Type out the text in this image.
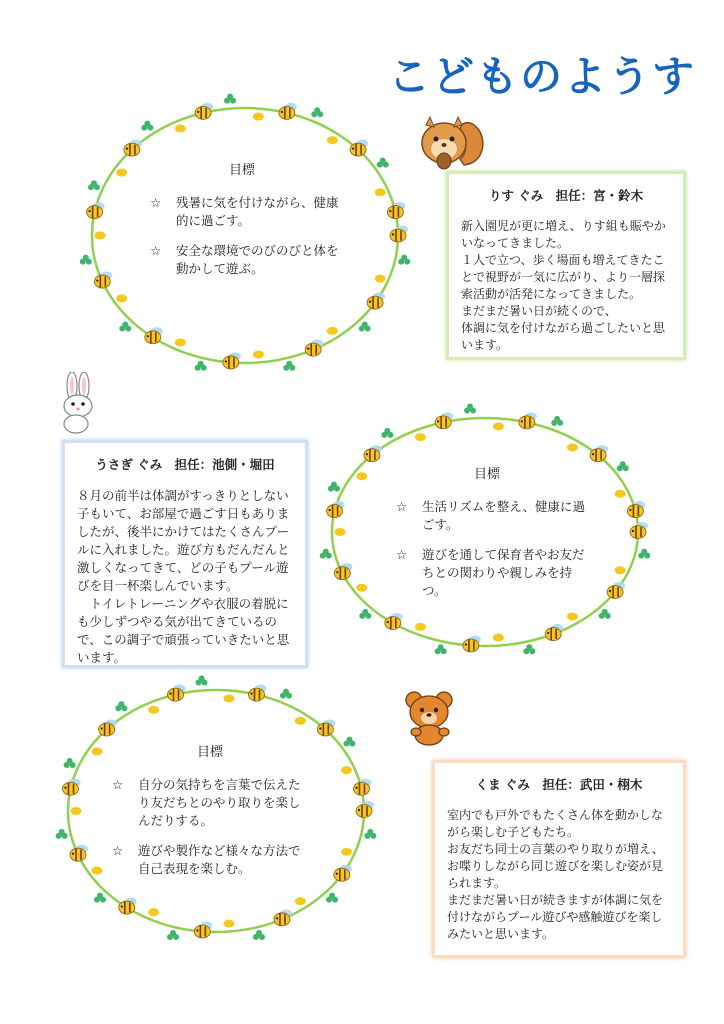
こどものようす
目標
☆	残暑に気を付けながら、健康的に過ごす。
☆	安全な環境でのびのびと体を動かして遊ぶ。
目標
☆	生活リズムを整え、健康に過ごす。
☆	遊びを通して保育者やお友だちとの関わりや親しみを持つ。
目標
☆	自分の気持ちを言葉で伝えたり友だちとのやり取りを楽しんだりする。
☆	遊びや製作など様々な方法で自己表現を楽しむ。
りす ぐみ　担任：宮・鈴木

新入園児が更に増え、りす組も賑やかいなってきました。

１人で立つ、歩く場面も増えてきたことで視野が一気に広がり、より一層探索活動が活発になってきました。

まだまだ暑い日が続くので、

体調に気を付けながら過ごしたいと思います。

うさぎ ぐみ　担任：池側・堀田

８月の前半は体調がすっきりとしない子もいて、お部屋で過ごす日もありましたが、後半にかけてはたくさんプールに入れました。遊び方もだんだんと激しくなってきて、どの子もプール遊びを目一杯楽しんでいます。

　トイレトレーニングや衣服の着脱にも少しずつやる気が出てきているので、この調子で頑張っていきたいと思います。

くま ぐみ　担任：武田・栩木

室内でも戸外でもたくさん体を動かしながら楽しむ子どもたち。

お友だち同士の言葉のやり取りが増え、お喋りしながら同じ遊びを楽しむ姿が見られます。

まだまだ暑い日が続きますが体調に気を付けながらプール遊びや感触遊びを楽しみたいと思います。
